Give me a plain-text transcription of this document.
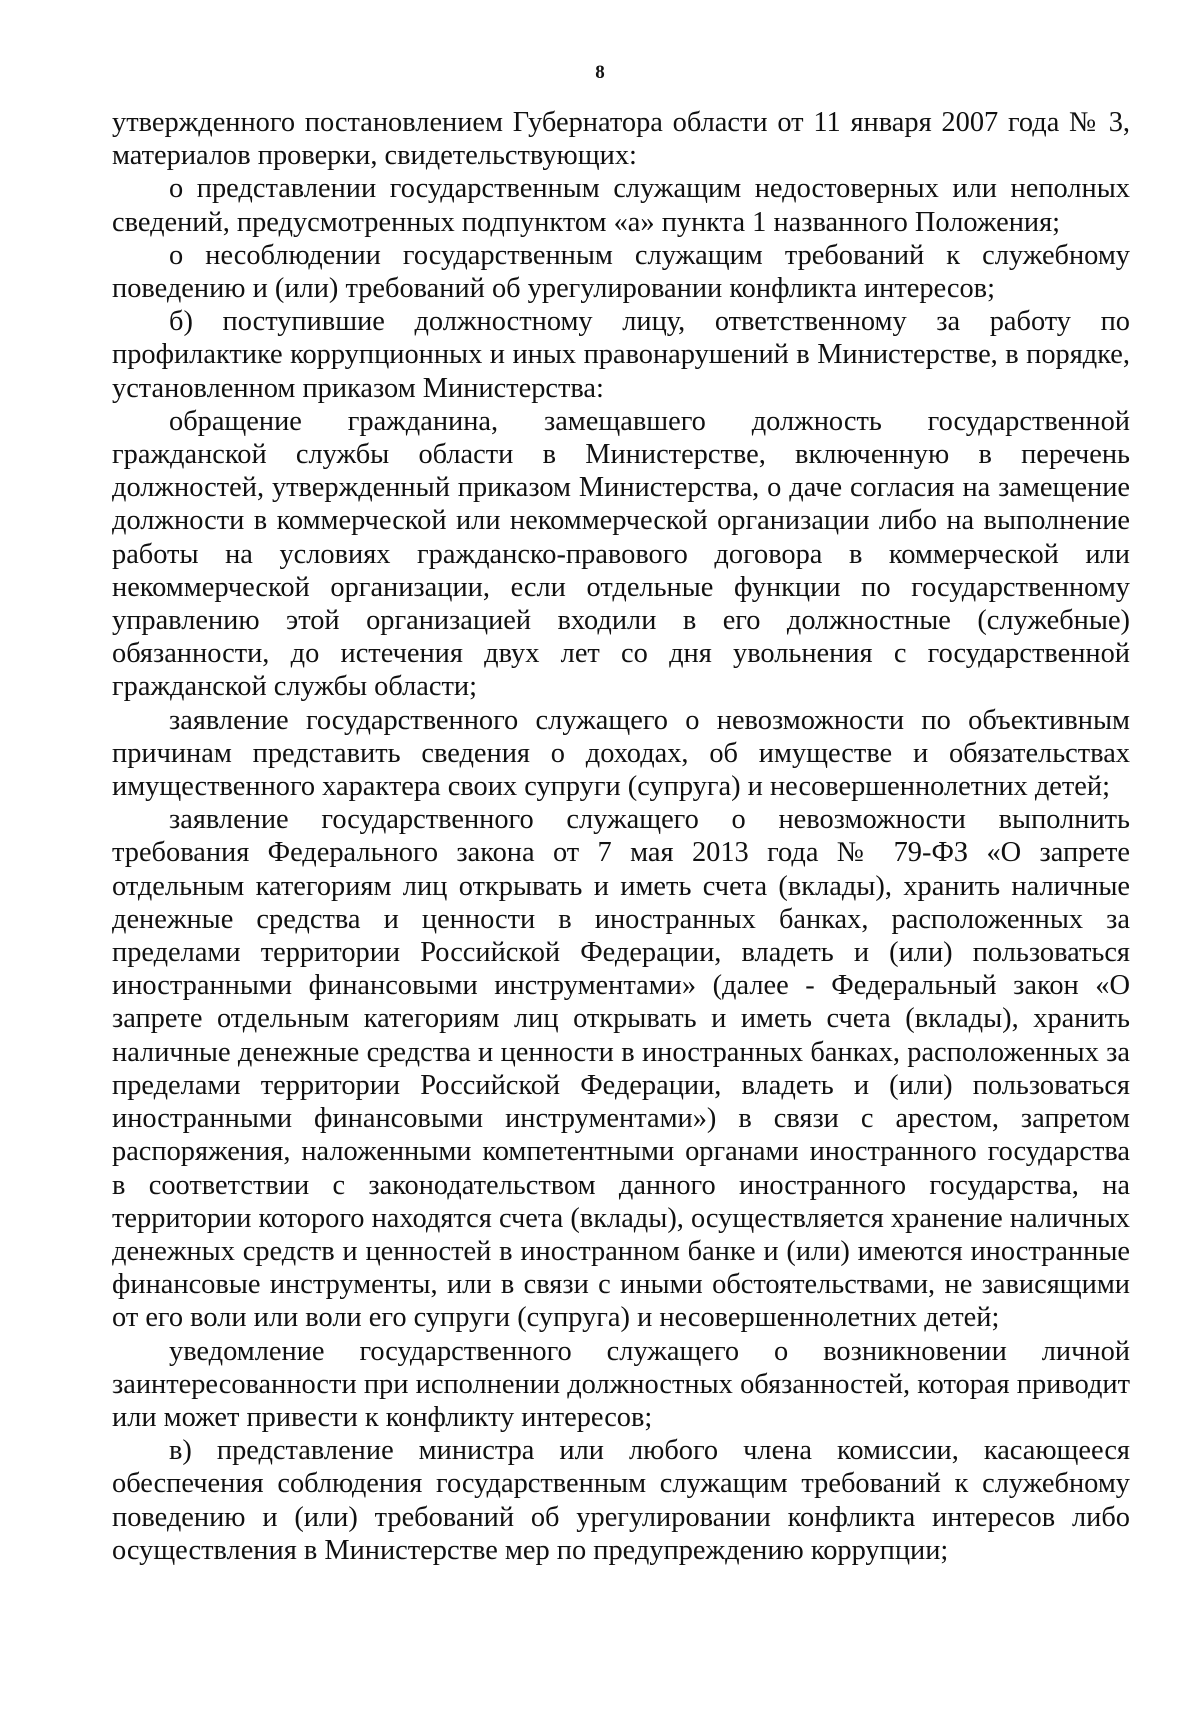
8

утвержденного постановлением Губернатора области от 11 января 2007 года № 3, материалов проверки, свидетельствующих:

о представлении государственным служащим недостоверных или неполных сведений, предусмотренных подпунктом «а» пункта 1 названного Положения;

о несоблюдении государственным служащим требований к служебному поведению и (или) требований об урегулировании конфликта интересов;

б) поступившие должностному лицу, ответственному за работу по профилактике коррупционных и иных правонарушений в Министерстве, в порядке, установленном приказом Министерства:

обращение гражданина, замещавшего должность государственной гражданской службы области в Министерстве, включенную в перечень должностей, утвержденный приказом Министерства, о даче согласия на замещение должности в коммерческой или некоммерческой организации либо на выполнение работы на условиях гражданско-правового договора в коммерческой или некоммерческой организации, если отдельные функции по государственному управлению этой организацией входили в его должностные (служебные) обязанности, до истечения двух лет со дня увольнения с государственной гражданской службы области;

заявление государственного служащего о невозможности по объективным причинам представить сведения о доходах, об имуществе и обязательствах имущественного характера своих супруги (супруга) и несовершеннолетних детей;

заявление государственного служащего о невозможности выполнить требования Федерального закона от 7 мая 2013 года № 79-ФЗ «О запрете отдельным категориям лиц открывать и иметь счета (вклады), хранить наличные денежные средства и ценности в иностранных банках, расположенных за пределами территории Российской Федерации, владеть и (или) пользоваться иностранными финансовыми инструментами» (далее - Федеральный закон «О запрете отдельным категориям лиц открывать и иметь счета (вклады), хранить наличные денежные средства и ценности в иностранных банках, расположенных за пределами территории Российской Федерации, владеть и (или) пользоваться иностранными финансовыми инструментами») в связи с арестом, запретом распоряжения, наложенными компетентными органами иностранного государства в соответствии с законодательством данного иностранного государства, на территории которого находятся счета (вклады), осуществляется хранение наличных денежных средств и ценностей в иностранном банке и (или) имеются иностранные финансовые инструменты, или в связи с иными обстоятельствами, не зависящими от его воли или воли его супруги (супруга) и несовершеннолетних детей;

уведомление государственного служащего о возникновении личной заинтересованности при исполнении должностных обязанностей, которая приводит или может привести к конфликту интересов;

в) представление министра или любого члена комиссии, касающееся обеспечения соблюдения государственным служащим требований к служебному поведению и (или) требований об урегулировании конфликта интересов либо осуществления в Министерстве мер по предупреждению коррупции;
